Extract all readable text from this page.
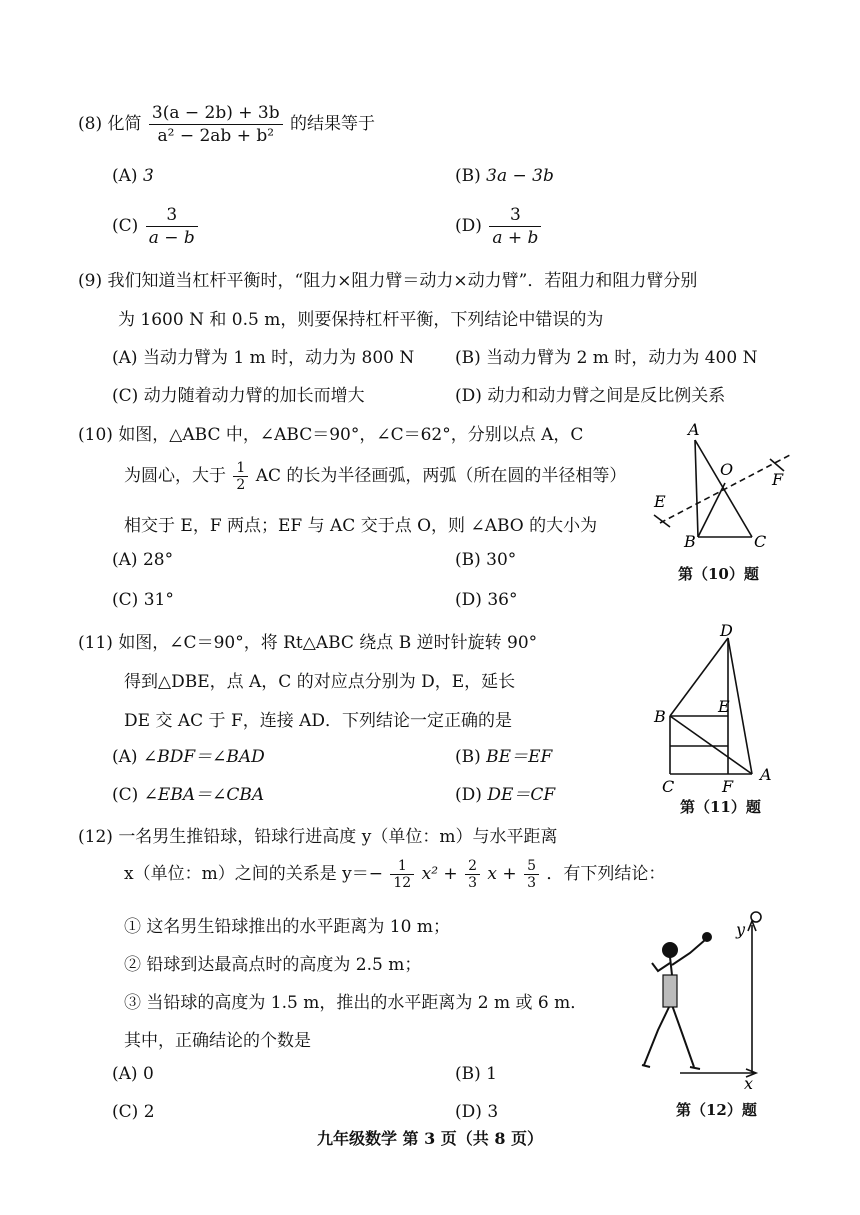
(8) 化简 $\frac{3(a - 2b) + 3b}{\text{a² − 2ab + b²}}$ 的结果等于
(A) 3	(B) 3a − 3b
$(C) \frac{3}{a - b}$	$(D) \frac{3}{a + b}$
(9) 我们知道当杠杆平衡时，“阻力×阻力臂＝动力×动力臂”．若阻力和阻力臂分别
为 1600 N 和 0.5 m，则要保持杠杆平衡，下列结论中错误的为
(A) 当动力臂为 1 m 时，动力为 800 N (B) 当动力臂为 2 m 时，动力为 400 N
(C) 动力随着动力臂的加长而增大	(D) 动力和动力臂之间是反比例关系
(10) 如图，△ABC 中，∠ABC＝90°，∠C＝62°，分别以点 A，C
为圆心，大于 $\frac{1}{2}$ AC 的长为半径画弧，两弧（所在圆的半径相等）
相交于 E，F 两点；EF 与 AC 交于点 O，则 ∠ABO 的大小为
(A) 28°	(B) 30°
(C) 31°	(D) 36°
A
B	C
O
E
F
第（10）题
(11) 如图，∠C＝90°，将 Rt△ABC 绕点 B 逆时针旋转 90°
得到△DBE，点 A，C 的对应点分别为 D，E，延长
DE 交 AC 于 F，连接 AD．下列结论一定正确的是
(A) ∠BDF＝∠BAD	(B) BE＝EF
(C) ∠EBA＝∠CBA	(D) DE＝CF
D
B
E
C	F
A
第（11）题
(12) 一名男生推铅球，铅球行进高度 y（单位：m）与水平距离
x（单位：m）之间的关系是 $y=- \frac{1}{12} x^2 + \frac{2}{3}$ $x + \frac{5}{3}$ ．有下列结论：
① 这名男生铅球推出的水平距离为 10 m；
② 铅球到达最高点时的高度为 2.5 m；
③ 当铅球的高度为 1.5 m，推出的水平距离为 2 m 或 6 m．
其中，正确结论的个数是
(A) 0	(B) 1
(C) 2	(D) 3
y
x
第（12）题
九年级数学 第 3 页（共 8 页）
